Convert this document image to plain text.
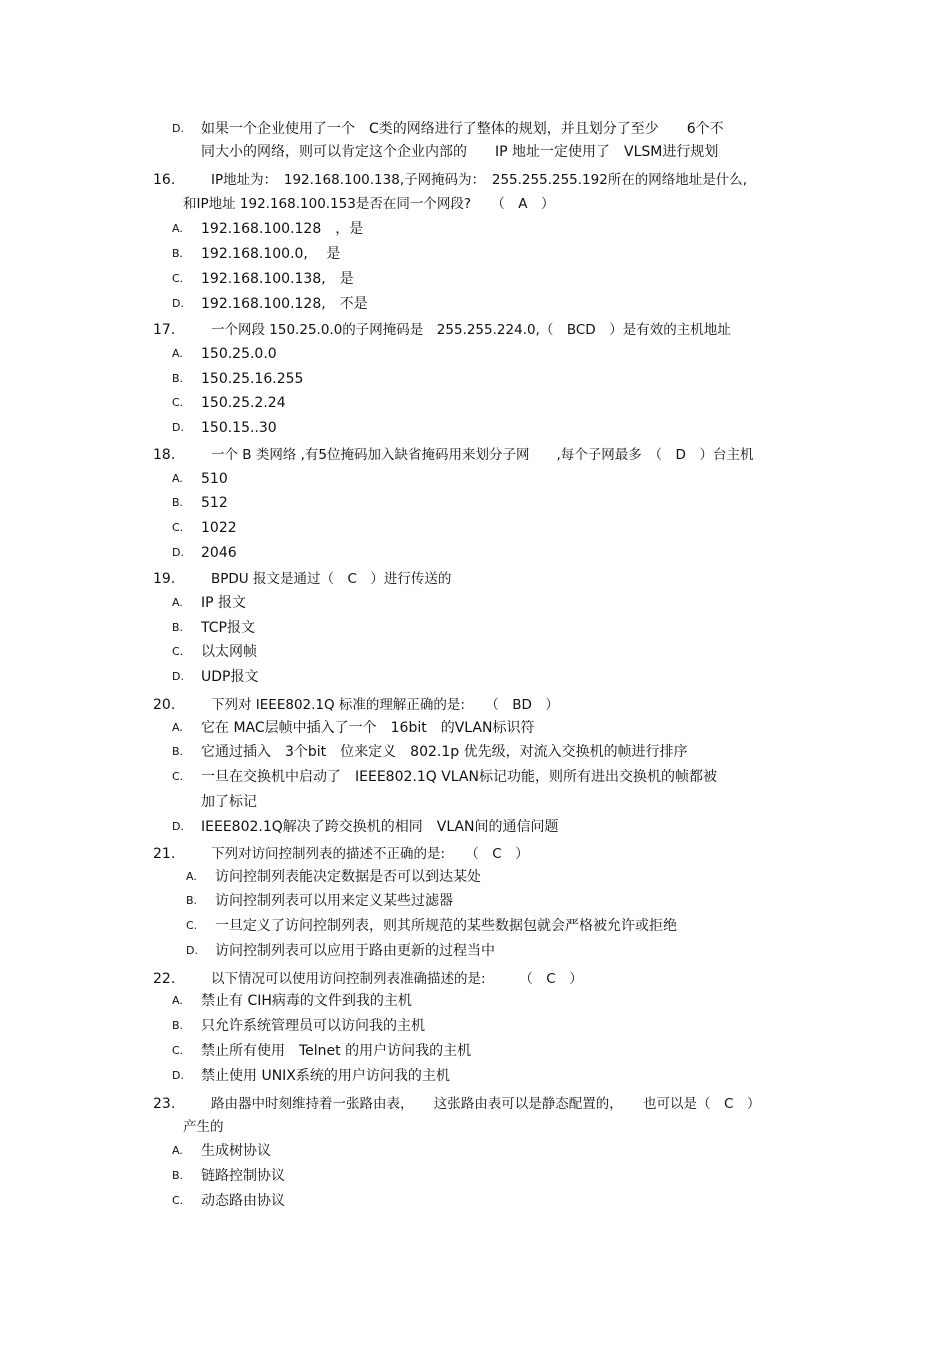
D. 如果一个企业使用了一个　C类的网络进行了整体的规划，并且划分了至少　　6个不
同大小的网络，则可以肯定这个企业内部的　　IP 地址一定使用了　VLSM进行规划
16.	IP地址为：　192.168.100.138,子网掩码为：　255.255.255.192所在的网络地址是什么,
和IP地址 192.168.100.153是否在同一个网段?　　（　A　）
A. 192.168.100.128　，是
B. 192.168.100.0,　 是
C. 192.168.100.138,　是
D. 192.168.100.128,　不是
17.	一个网段 150.25.0.0的子网掩码是　255.255.224.0,（　BCD　）是有效的主机地址
A. 150.25.0.0
B. 150.25.16.255
C. 150.25.2.24
D. 150.15..30
18.	一个 B 类网络 ,有5位掩码加入缺省掩码用来划分子网　　,每个子网最多　（　D　）台主机
A. 510
B. 512
C. 1022
D. 2046
19.	BPDU 报文是通过（　C　）进行传送的
A. IP 报文
B. TCP报文
C. 以太网帧
D. UDP报文
20.	下列对 IEEE802.1Q 标准的理解正确的是:　　（　BD　）
A. 它在 MAC层帧中插入了一个　16bit　的VLAN标识符
B. 它通过插入　3个bit　位来定义　802.1p 优先级，对流入交换机的帧进行排序
C. 一旦在交换机中启动了　IEEE802.1Q VLAN标记功能，则所有进出交换机的帧都被
加了标记
D. IEEE802.1Q解决了跨交换机的相同　VLAN间的通信问题
21.	下列对访问控制列表的描述不正确的是:　　（　C　）
A. 访问控制列表能决定数据是否可以到达某处
B. 访问控制列表可以用来定义某些过滤器
C. 一旦定义了访问控制列表，则其所规范的某些数据包就会严格被允许或拒绝
D. 访问控制列表可以应用于路由更新的过程当中
22.	以下情况可以使用访问控制列表准确描述的是:　　　（　C　）
A. 禁止有 CIH病毒的文件到我的主机
B. 只允许系统管理员可以访问我的主机
C. 禁止所有使用　Telnet 的用户访问我的主机
D. 禁止使用 UNIX系统的用户访问我的主机
23.	路由器中时刻维持着一张路由表，　　这张路由表可以是静态配置的，　　也可以是（　C　）
产生的
A. 生成树协议
B. 链路控制协议
C. 动态路由协议
